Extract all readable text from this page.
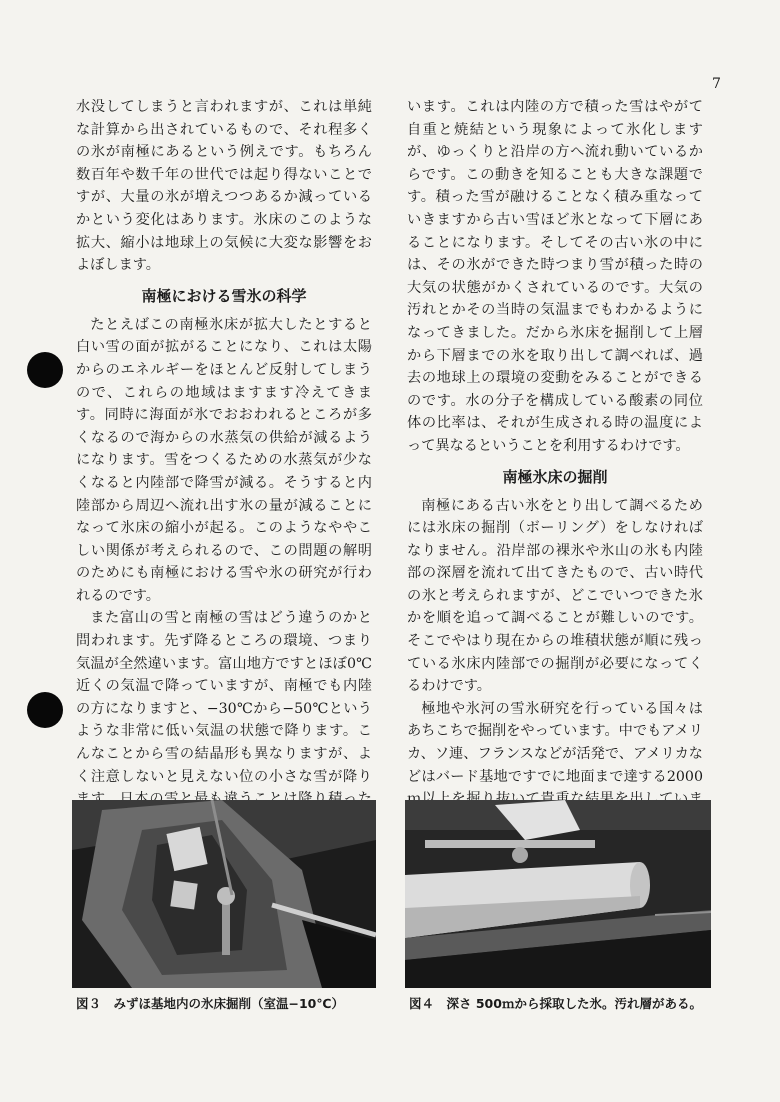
7

水没してしまうと言われますが、これは単純な計算から出されているもので、それ程多くの氷が南極にあるという例えです。もちろん数百年や数千年の世代では起り得ないことですが、大量の氷が増えつつあるか減っているかという変化はあります。氷床のこのような拡大、縮小は地球上の気候に大変な影響をおよぼします。

南極における雪氷の科学

たとえばこの南極氷床が拡大したとすると白い雪の面が拡がることになり、これは太陽からのエネルギーをほとんど反射してしまうので、これらの地域はますます冷えてきます。同時に海面が氷でおおわれるところが多くなるので海からの水蒸気の供給が減るようになります。雪をつくるための水蒸気が少なくなると内陸部で降雪が減る。そうすると内陸部から周辺へ流れ出す氷の量が減ることになって氷床の縮小が起る。このようなややこしい関係が考えられるので、この問題の解明のためにも南極における雪や氷の研究が行われるのです。

また富山の雪と南極の雪はどう違うのかと問われます。先ず降るところの環境、つまり気温が全然違います。富山地方ですとほぼ0℃近くの気温で降っていますが、南極でも内陸の方になりますと、−30℃から−50℃というような非常に低い気温の状態で降ります。こんなことから雪の結晶形も異なりますが、よく注意しないと見えない位の小さな雪が降り

います。これは内陸の方で積った雪はやがて自重と焼結という現象によって氷化しますが、ゆっくりと沿岸の方へ流れ動いているからです。この動きを知ることも大きな課題です。積った雪が融けることなく積み重なっていきますから古い雪ほど氷となって下層にあることになります。そしてその古い氷の中には、その氷ができた時つまり雪が積った時の大気の状態がかくされているのです。大気の汚れとかその当時の気温までもわかるようになってきました。だから氷床を掘削して上層から下層までの氷を取り出して調べれば、過去の地球上の環境の変動をみることができるのです。水の分子を構成している酸素の同位体の比率は、それが生成される時の温度によって異なるということを利用するわけです。

南極氷床の掘削

南極にある古い氷をとり出して調べるためには氷床の掘削（ボーリング）をしなければなりません。沿岸部の裸氷や氷山の氷も内陸部の深層を流れて出てきたもので、古い時代の氷と考えられますが、どこでいつできた氷かを順を追って調べることが難しいのです。そこでやはり現在からの堆積状態が順に残っている氷床内陸部での掘削が必要になってくるわけです。

極地や氷河の雪氷研究を行っている国々はあちこちで掘削をやっています。中でもアメリカ、ソ連、フランスなどが活発で、アメリカなどはバード基地ですでに地面まで達する2000

図３　みずほ基地内の氷床掘削（室温−10℃）	図４　深さ 500ｍから採取した氷。汚れ層がある。
